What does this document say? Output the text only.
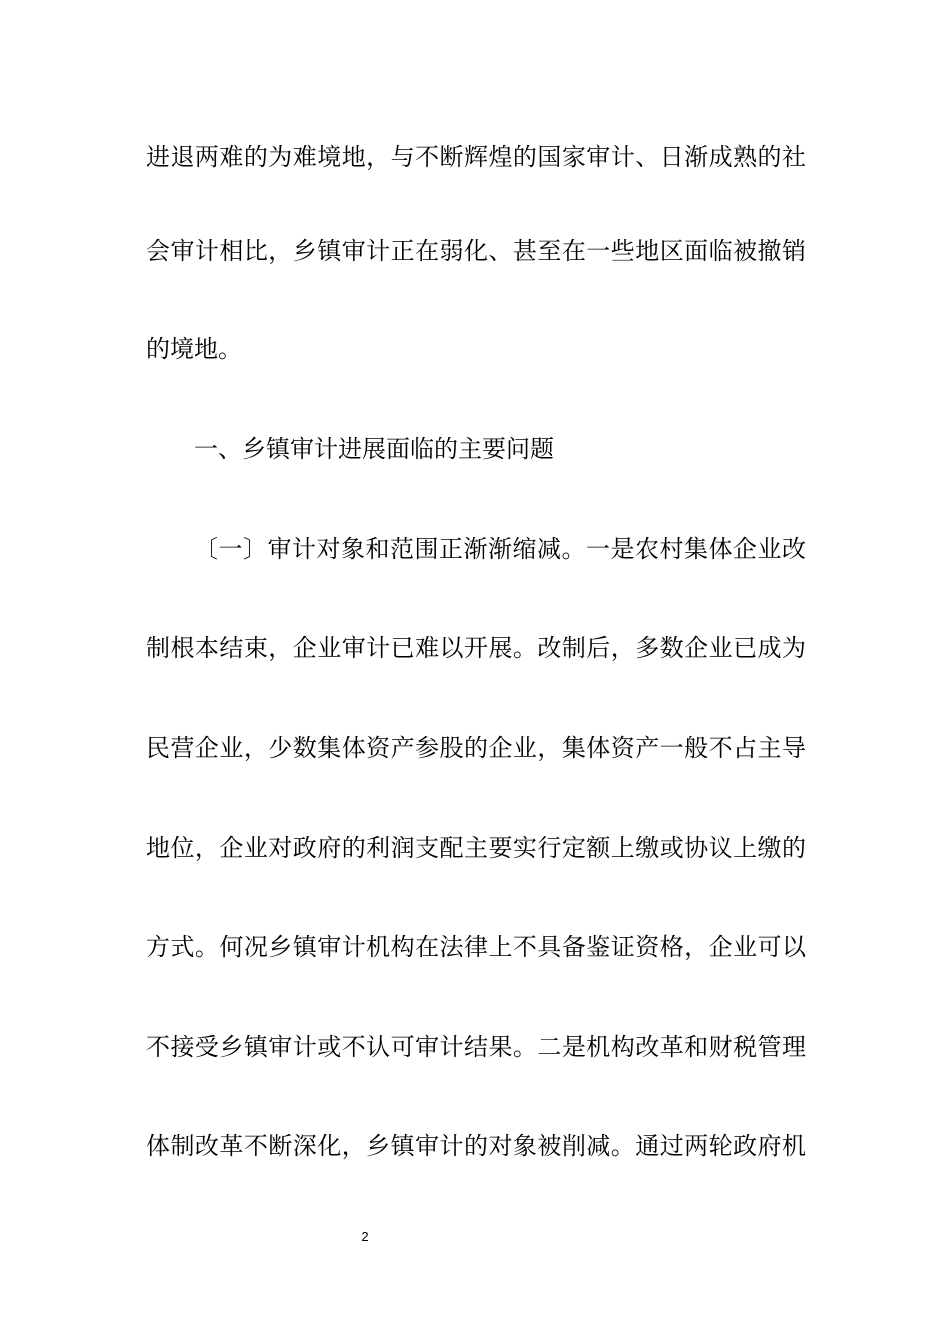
进退两难的为难境地，与不断辉煌的国家审计、日渐成熟的社
会审计相比，乡镇审计正在弱化、甚至在一些地区面临被撤销
的境地。
一、乡镇审计进展面临的主要问题
〔一〕审计对象和范围正渐渐缩减。一是农村集体企业改
制根本结束，企业审计已难以开展。改制后，多数企业已成为
民营企业，少数集体资产参股的企业，集体资产一般不占主导
地位，企业对政府的利润支配主要实行定额上缴或协议上缴的
方式。何况乡镇审计机构在法律上不具备鉴证资格，企业可以
不接受乡镇审计或不认可审计结果。二是机构改革和财税管理
体制改革不断深化，乡镇审计的对象被削减。通过两轮政府机
2
